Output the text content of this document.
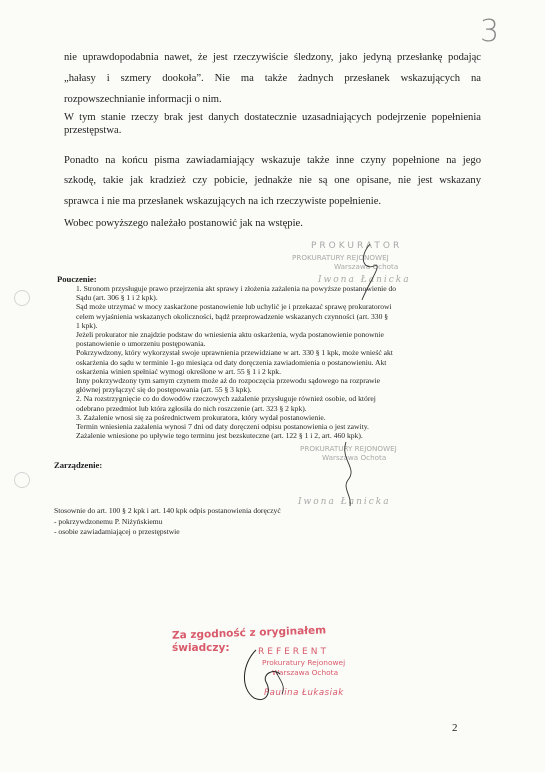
3
nie uprawdopodabnia nawet, że jest rzeczywiście śledzony, jako jedyną przesłankę podając
„hałasy i szmery dookoła”. Nie ma także żadnych przesłanek wskazujących na
rozpowszechnianie informacji o nim.
W tym stanie rzeczy brak jest danych dostatecznie uzasadniających podejrzenie popełnienia
przestępstwa.
Ponadto na końcu pisma zawiadamiający wskazuje także inne czyny popełnione na jego
szkodę, takie jak kradzież czy pobicie, jednakże nie są one opisane, nie jest wskazany
sprawca i nie ma przesłanek wskazujących na ich rzeczywiste popełnienie.
Wobec powyższego należało postanowić jak na wstępie.
PROKURATOR
PROKURATURY REJONOWEJ
Warszawa Ochota
Iwona Łanicka
Pouczenie:
1. Stronom przysługuje prawo przejrzenia akt sprawy i złożenia zażalenia na powyższe postanowienie do
Sądu (art. 306 § 1 i 2 kpk).
Sąd może utrzymać w mocy zaskarżone postanowienie lub uchylić je i przekazać sprawę prokuratorowi
celem wyjaśnienia wskazanych okoliczności, bądź przeprowadzenie wskazanych czynności (art. 330 §
1 kpk).
Jeżeli prokurator nie znajdzie podstaw do wniesienia aktu oskarżenia, wyda postanowienie ponownie
postanowienie o umorzeniu postępowania.
Pokrzywdzony, który wykorzystał swoje uprawnienia przewidziane w art. 330 § 1 kpk, może wnieść akt
oskarżenia do sądu w terminie 1-go miesiąca od daty doręczenia zawiadomienia o postanowieniu. Akt
oskarżenia winien spełniać wymogi określone w art. 55 § 1 i 2 kpk.
Inny pokrzywdzony tym samym czynem może aż do rozpoczęcia przewodu sądowego na rozprawie
głównej przyłączyć się do postępowania (art. 55 § 3 kpk).
2. Na rozstrzygnięcie co do dowodów rzeczowych zażalenie przysługuje również osobie, od której
odebrano przedmiot lub która zgłosiła do nich roszczenie (art. 323 § 2 kpk).
3. Zażalenie wnosi się za pośrednictwem prokuratora, który wydał postanowienie.
Termin wniesienia zażalenia wynosi 7 dni od daty doręczeni odpisu postanowienia o jest zawity.
Zażalenie wniesione po upływie tego terminu jest bezskuteczne (art. 122 § 1 i 2, art. 460 kpk).
PROKURATURY REJONOWEJ
Warszawa Ochota
Iwona Łanicka
Zarządzenie:
Stosownie do art. 100 § 2 kpk i art. 140 kpk odpis postanowienia doręczyć
- pokrzywdzonemu P. Niżyńskiemu
- osobie zawiadamiającej o przestępstwie
Za zgodność z oryginałem
świadczy:	REFERENT
Prokuratury Rejonowej
Warszawa Ochota
Paulina Łukasiak
2
